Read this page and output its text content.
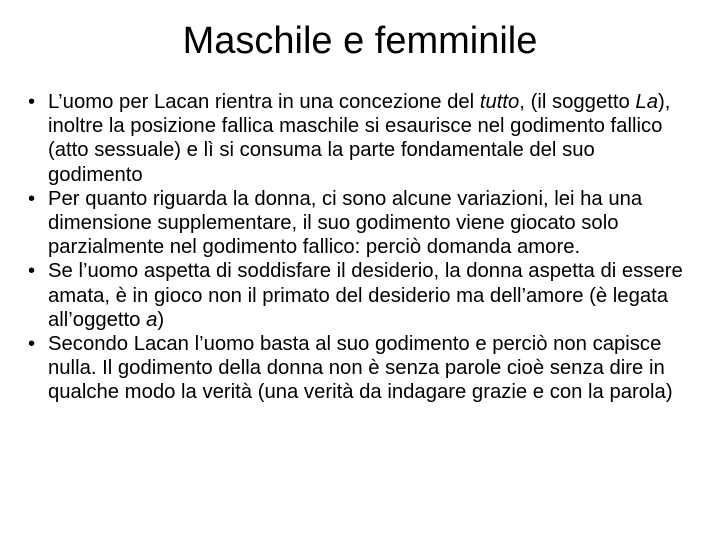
Maschile e femminile
• L’uomo per Lacan rientra in una concezione del tutto, (il soggetto La), inoltre la posizione fallica maschile si esaurisce nel godimento fallico (atto sessuale) e lì si consuma la parte fondamentale del suo godimento
• Per quanto riguarda la donna, ci sono alcune variazioni, lei ha una dimensione supplementare, il suo godimento viene giocato solo parzialmente nel godimento fallico: perciò domanda amore.
• Se l’uomo aspetta di soddisfare il desiderio, la donna aspetta di essere amata, è in gioco non il primato del desiderio ma dell’amore (è legata all’oggetto a)
• Secondo Lacan l’uomo basta al suo godimento e perciò non capisce nulla. Il godimento della donna non è senza parole cioè senza dire in qualche modo la verità (una verità da indagare grazie e con la parola)
